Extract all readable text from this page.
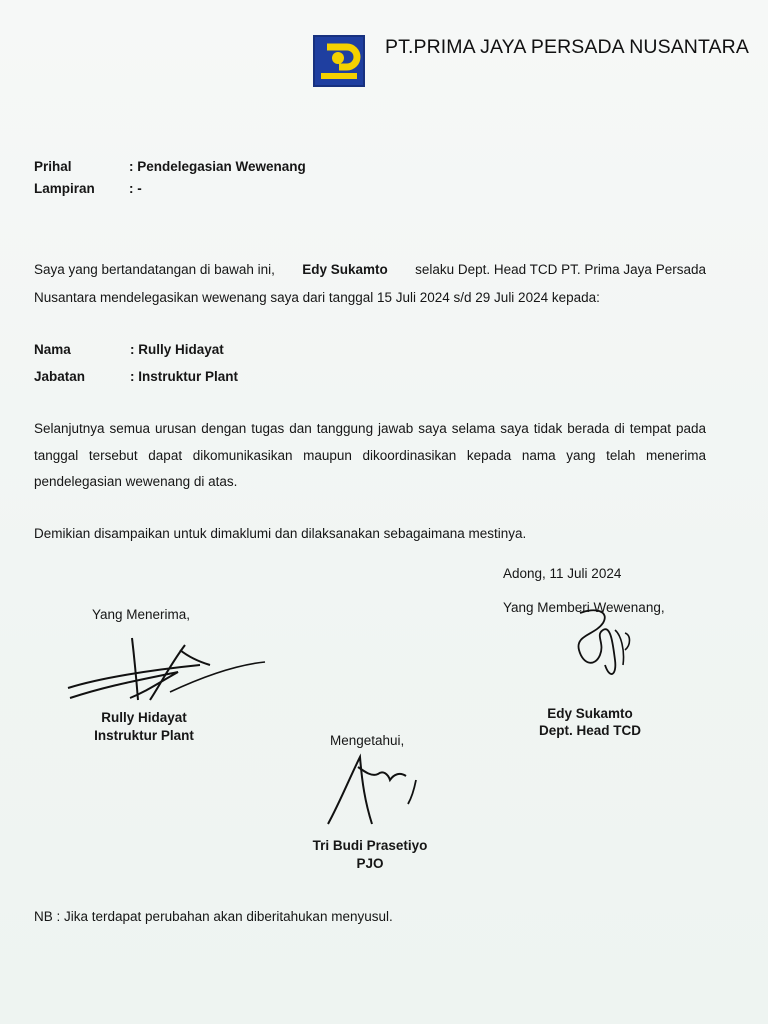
PT.PRIMA JAYA PERSADA NUSANTARA
Prihal	: Pendelegasian Wewenang
Lampiran	: -
Saya yang bertandatangan di bawah ini, Edy Sukamto selaku Dept. Head TCD PT. Prima Jaya Persada
Nusantara mendelegasikan wewenang saya dari tanggal 15 Juli 2024 s/d 29 Juli 2024 kepada:
Nama	: Rully Hidayat
Jabatan	: Instruktur Plant
Selanjutnya semua urusan dengan tugas dan tanggung jawab saya selama saya tidak berada di tempat pada tanggal tersebut dapat dikomunikasikan maupun dikoordinasikan kepada nama yang telah menerima pendelegasian wewenang di atas.
Demikian disampaikan untuk dimaklumi dan dilaksanakan sebagaimana mestinya.
Adong, 11 Juli 2024
Yang Menerima,
Rully Hidayat
Instruktur Plant
Yang Memberi Wewenang,
Edy Sukamto
Dept. Head TCD
Mengetahui,
Tri Budi Prasetiyo
PJO
NB : Jika terdapat perubahan akan diberitahukan menyusul.
